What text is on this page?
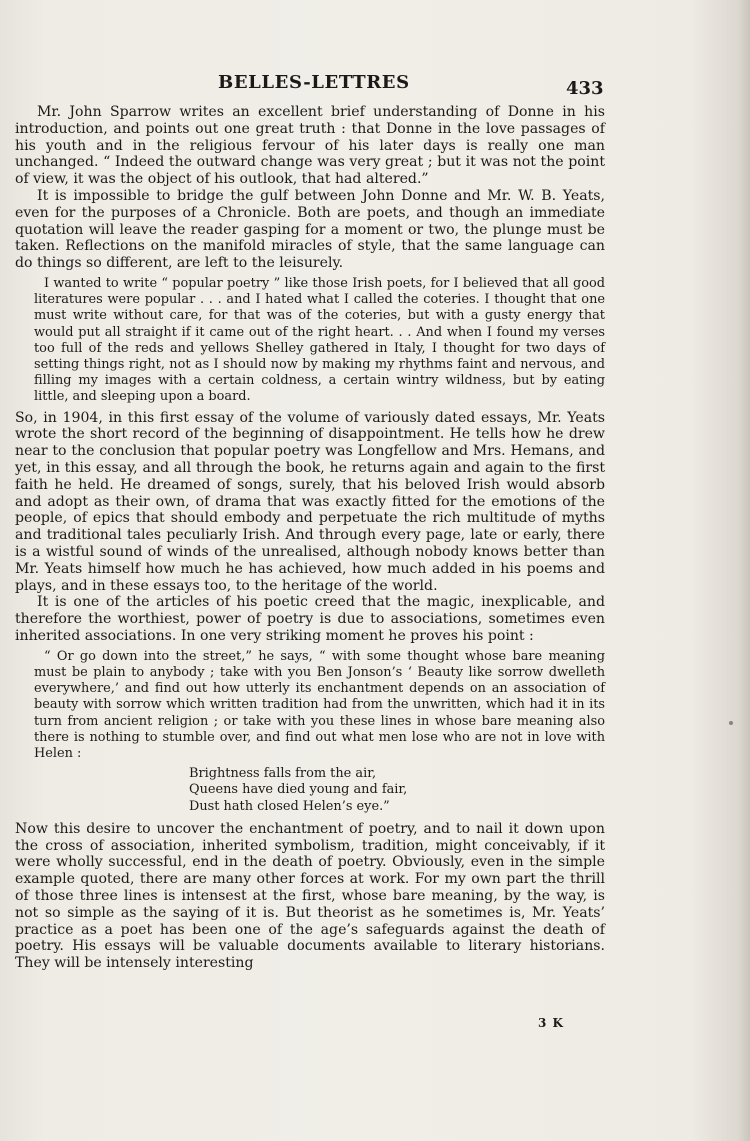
BELLES-LETTRES	433

Mr. John Sparrow writes an excellent brief understanding of Donne in his introduction, and points out one great truth : that Donne in the love passages of his youth and in the religious fervour of his later days is really one man unchanged. “ Indeed the outward change was very great ; but it was not the point of view, it was the object of his outlook, that had altered.”

It is impossible to bridge the gulf between John Donne and Mr. W. B. Yeats, even for the purposes of a Chronicle. Both are poets, and though an immediate quotation will leave the reader gasping for a moment or two, the plunge must be taken. Reflections on the manifold miracles of style, that the same language can do things so different, are left to the leisurely.

I wanted to write “ popular poetry ” like those Irish poets, for I believed that all good literatures were popular . . . and I hated what I called the coteries. I thought that one must write without care, for that was of the coteries, but with a gusty energy that would put all straight if it came out of the right heart. . . And when I found my verses too full of the reds and yellows Shelley gathered in Italy, I thought for two days of setting things right, not as I should now by making my rhythms faint and nervous, and filling my images with a certain coldness, a certain wintry wildness, but by eating little, and sleeping upon a board.

So, in 1904, in this first essay of the volume of variously dated essays, Mr. Yeats wrote the short record of the beginning of disappointment. He tells how he drew near to the conclusion that popular poetry was Longfellow and Mrs. Hemans, and yet, in this essay, and all through the book, he returns again and again to the first faith he held. He dreamed of songs, surely, that his beloved Irish would absorb and adopt as their own, of drama that was exactly fitted for the emotions of the people, of epics that should embody and perpetuate the rich multitude of myths and traditional tales peculiarly Irish. And through every page, late or early, there is a wistful sound of winds of the unrealised, although nobody knows better than Mr. Yeats himself how much he has achieved, how much added in his poems and plays, and in these essays too, to the heritage of the world.

It is one of the articles of his poetic creed that the magic, inexplicable, and therefore the worthiest, power of poetry is due to associations, sometimes even inherited associations. In one very striking moment he proves his point :

“ Or go down into the street,” he says, “ with some thought whose bare meaning must be plain to anybody ; take with you Ben Jonson’s ‘ Beauty like sorrow dwelleth everywhere,’ and find out how utterly its enchantment depends on an association of beauty with sorrow which written tradition had from the unwritten, which had it in its turn from ancient religion ; or take with you these lines in whose bare meaning also there is nothing to stumble over, and find out what men lose who are not in love with Helen :
Brightness falls from the air,
Queens have died young and fair,
Dust hath closed Helen’s eye.”

Now this desire to uncover the enchantment of poetry, and to nail it down upon the cross of association, inherited symbolism, tradition, might conceivably, if it were wholly successful, end in the death of poetry. Obviously, even in the simple example quoted, there are many other forces at work. For my own part the thrill of those three lines is intensest at the first, whose bare meaning, by the way, is not so simple as the saying of it is. But theorist as he sometimes is, Mr. Yeats’ practice as a poet has been one of the age’s safeguards against the death of poetry. His essays will be valuable documents available to literary historians. They will be intensely interesting

3 K
